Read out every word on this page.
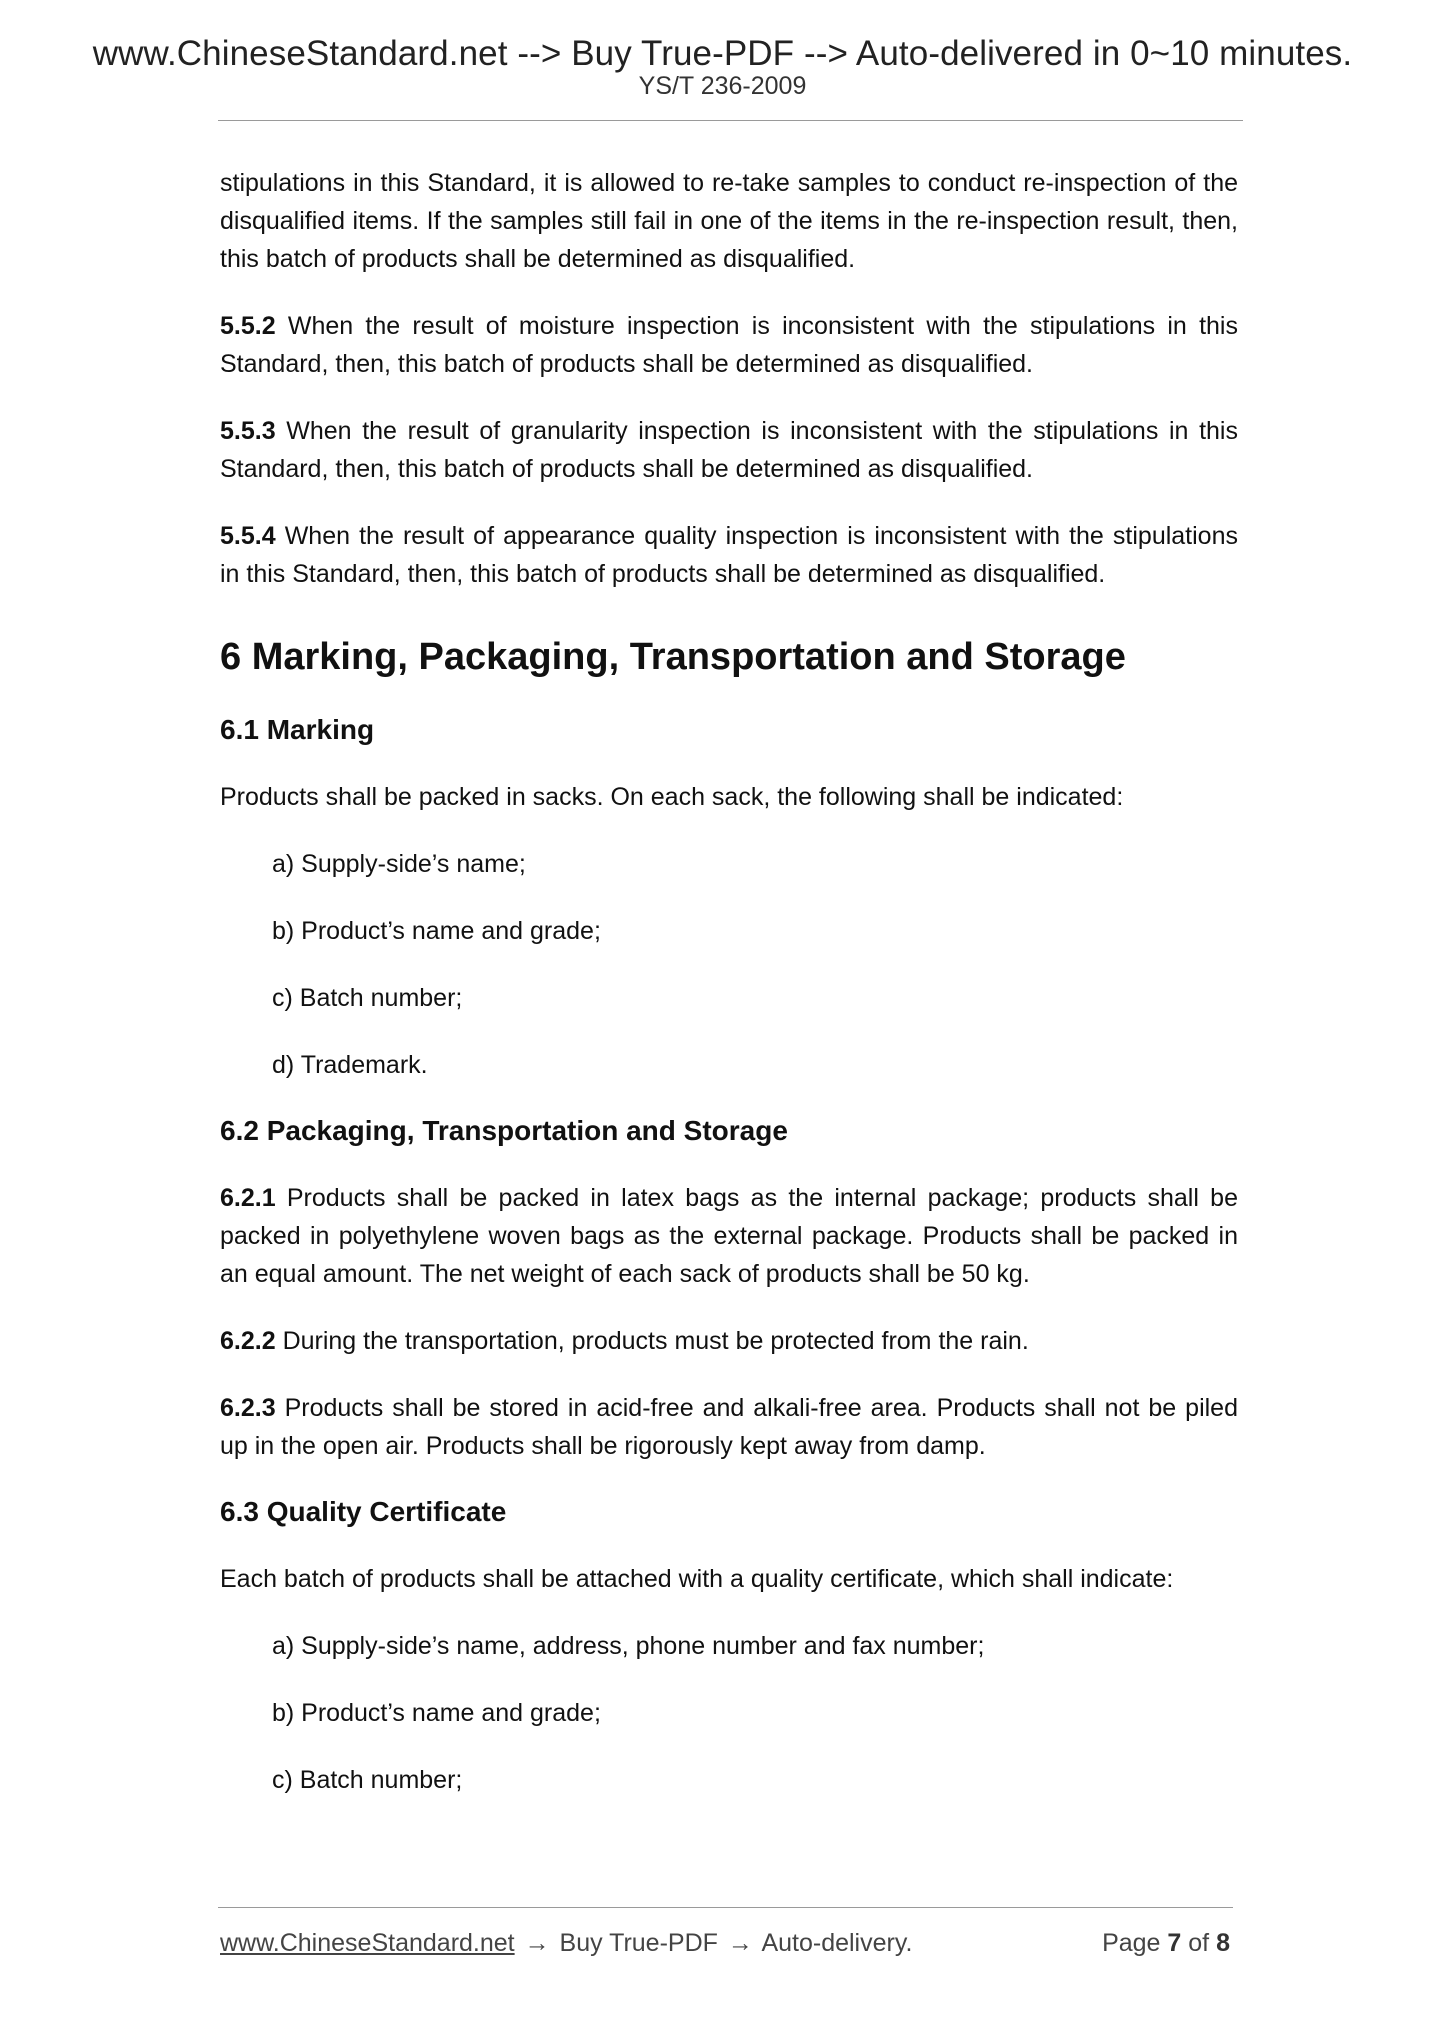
www.ChineseStandard.net --> Buy True-PDF --> Auto-delivered in 0~10 minutes.
YS/T 236-2009

stipulations in this Standard, it is allowed to re-take samples to conduct re-inspection of the disqualified items. If the samples still fail in one of the items in the re-inspection result, then, this batch of products shall be determined as disqualified.

5.5.2 When the result of moisture inspection is inconsistent with the stipulations in this Standard, then, this batch of products shall be determined as disqualified.

5.5.3 When the result of granularity inspection is inconsistent with the stipulations in this Standard, then, this batch of products shall be determined as disqualified.

5.5.4 When the result of appearance quality inspection is inconsistent with the stipulations in this Standard, then, this batch of products shall be determined as disqualified.

6 Marking, Packaging, Transportation and Storage
6.1 Marking

Products shall be packed in sacks. On each sack, the following shall be indicated:

a) Supply-side’s name;
b) Product’s name and grade;
c) Batch number;
d) Trademark.
6.2 Packaging, Transportation and Storage

6.2.1 Products shall be packed in latex bags as the internal package; products shall be packed in polyethylene woven bags as the external package. Products shall be packed in an equal amount. The net weight of each sack of products shall be 50 kg.

6.2.2 During the transportation, products must be protected from the rain.

6.2.3 Products shall be stored in acid-free and alkali-free area. Products shall not be piled up in the open air. Products shall be rigorously kept away from damp.

6.3 Quality Certificate

Each batch of products shall be attached with a quality certificate, which shall indicate:

a) Supply-side’s name, address, phone number and fax number;
b) Product’s name and grade;
c) Batch number;
www.ChineseStandard.net → Buy True-PDF → Auto-delivery.	Page 7 of 8
